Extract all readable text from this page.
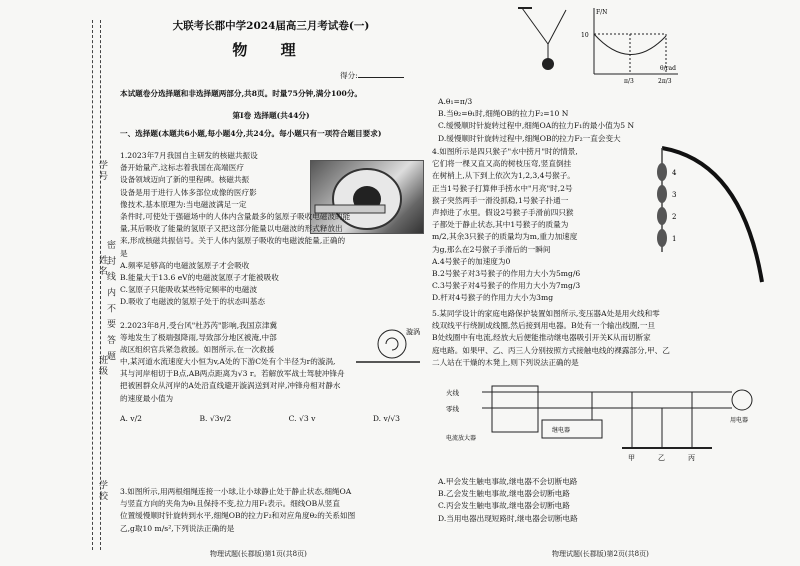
密 封 线 内 不 要 答 题
学号
姓名
班级
学校
大联考长郡中学2024届高三月考试卷(一)
物 理
得分:
本试题卷分选择题和非选择题两部分,共8页。时量75分钟,满分100分。
第Ⅰ卷 选择题(共44分)
一、选择题(本题共6小题,每小题4分,共24分。每小题只有一项符合题目要求)

1.2023年7月我国自主研发的核磁共振设

备开始量产,这标志着我国在高端医疗

设备领域迈向了新的里程碑。核磁共振

设备是用于进行人体多部位成像的医疗影

像技术,基本原理为:当电磁波满足一定

条件时,可使处于强磁场中的人体内含量最多的氢原子吸收电磁波的能

量,其后吸收了能量的氢原子又把这部分能量以电磁波的形式释放出

来,形成核磁共振信号。关于人体内氢原子吸收的电磁波能量,正确的

是

A.频率足够高的电磁波氢原子才会吸收

B.能量大于13.6 eV的电磁波氢原子才能被吸收

C.氢原子只能吸收某些特定频率的电磁波

D.吸收了电磁波的氢原子处于的状态叫基态

2.2023年8月,受台风"杜苏芮"影响,我国京津冀

等地发生了极端强降雨,导致部分地区被淹,中部

战区组织官兵紧急救援。如图所示,在一次救援

漩涡

中,某河道水流速度大小恒为v,A处的下游C处有个半径为r的漩涡,

其与河岸相切于B点,AB两点距离为√3 r。若解放军战士驾驶冲锋舟

把被困群众从河岸的A处沿直线避开漩涡送到对岸,冲锋舟相对静水

的速度最小值为

A. v/2	B. √3v/2	C. √3 v	D. v/√3

3.如图所示,用两根细绳连接一小球,让小球静止处于静止状态,细绳OA

与竖直方向的夹角为θ₁且保持不变,拉力用F₁表示。细线OB从竖直

位置缓慢顺时针旋转到水平,细绳OB的拉力F₂和对应角度θ₂的关系如图

乙,g取10 m/s²,下列说法正确的是

物理试题(长郡版)第1页(共8页)
F/N
10
π/3	2π/3
θ/rad

A.θ₁=π/3

B.当θ₂=θ₁时,细绳OB的拉力F₂=10 N

C.缓慢顺时针旋转过程中,细绳OA的拉力F₁的最小值为5 N

D.缓慢顺时针旋转过程中,细绳OB的拉力F₂一直会变大

4.如图所示是四只猴子"水中捞月"时的情景,

它们将一棵又直又高的树枝压弯,竖直倒挂

在树梢上,从下到上依次为1,2,3,4号猴子。

正当1号猴子打算伸手捞水中"月亮"时,2号

猴子突然两手一滑没抓稳,1号猴子扑通一

声掉进了水里。假设2号猴子手滑前四只猴

子都处于静止状态,其中1号猴子的质量为

m/2,其余3只猴子的质量均为m,重力加速度

为g,那么在2号猴子手滑后的一瞬间

A.4号猴子的加速度为0

B.2号猴子对3号猴子的作用力大小为5mg/6

C.3号猴子对4号猴子的作用力大小为7mg/3

D.杆对4号猴子的作用力大小为3mg

4
3
2
1

5.某同学设计的家庭电路保护装置如图所示,变压器A处是用火线和零

线双线平行绕制成线圈,然后接到用电器。B处有一个输出线圈,一旦

B处线圈中有电流,经放大后便能推动继电器吸引开关K从而切断家

庭电路。如果甲、乙、丙三人分别按照方式接触电线的裸露部分,甲、乙

二人站在干燥的木凳上,则下列说法正确的是

火线
零线
电流放大器
继电器
甲	乙	丙
用电器

A.甲会发生触电事故,继电器不会切断电路

B.乙会发生触电事故,继电器会切断电路

C.丙会发生触电事故,继电器会切断电路

D.当用电器出现短路时,继电器会切断电路

物理试题(长郡版)第2页(共8页)
